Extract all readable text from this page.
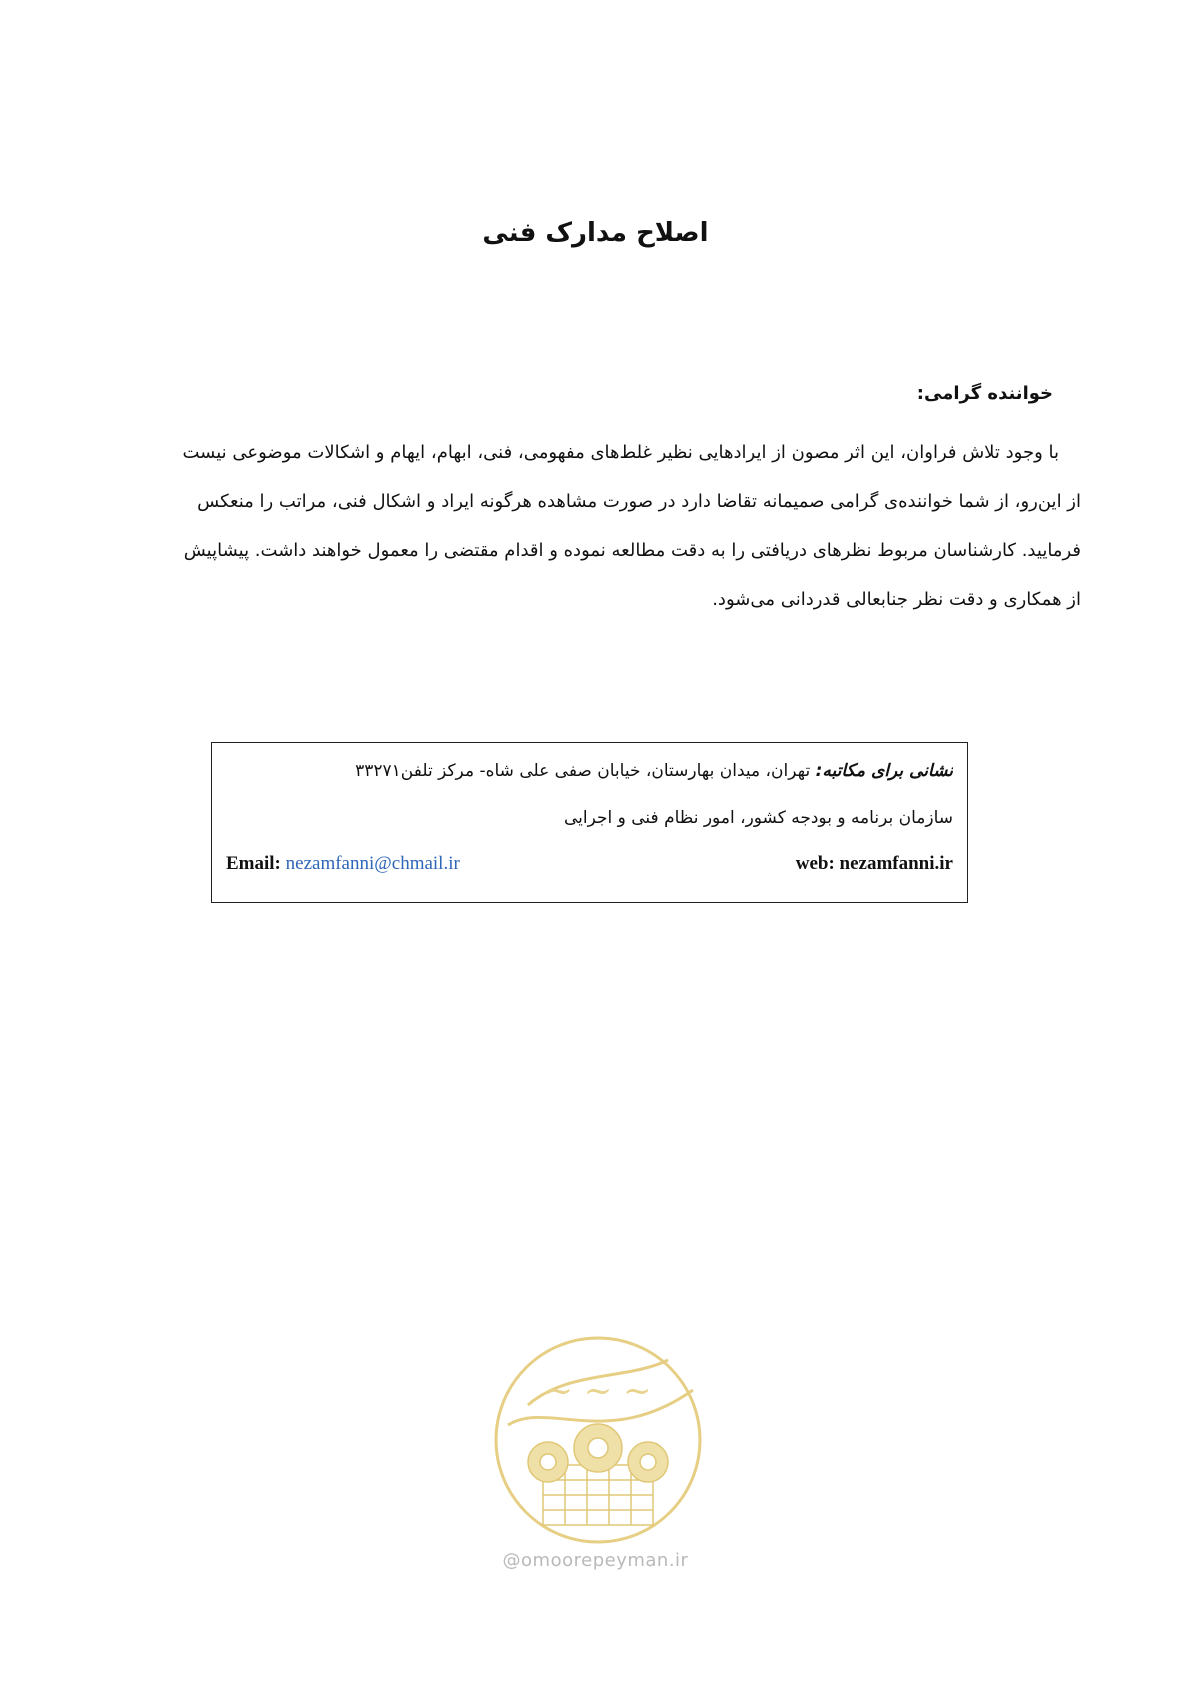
اصلاح مدارک فنی
خواننده گرامی:
با وجود تلاش فراوان، این اثر مصون از ایرادهایی نظیر غلط‌های مفهومی، فنی، ابهام، ایهام و اشکالات موضوعی نیست
از این‌رو، از شما خواننده‌ی گرامی صمیمانه تقاضا دارد در صورت مشاهده هرگونه ایراد و اشکال فنی، مراتب را منعکس
فرمایید. کارشناسان مربوط نظرهای دریافتی را به دقت مطالعه نموده و اقدام مقتضی را معمول خواهند داشت. پیشاپیش
از همکاری و دقت نظر جنابعالی قدردانی می‌شود.
نشانی برای مکاتبه: تهران، میدان بهارستان، خیابان صفی علی شاه- مرکز تلفن۳۳۲۷۱
سازمان برنامه و بودجه کشور، امور نظام فنی و اجرایی
Email: nezamfanni@chmail.ir	web: nezamfanni.ir
~ ~ ~
@omoorepeyman.ir
